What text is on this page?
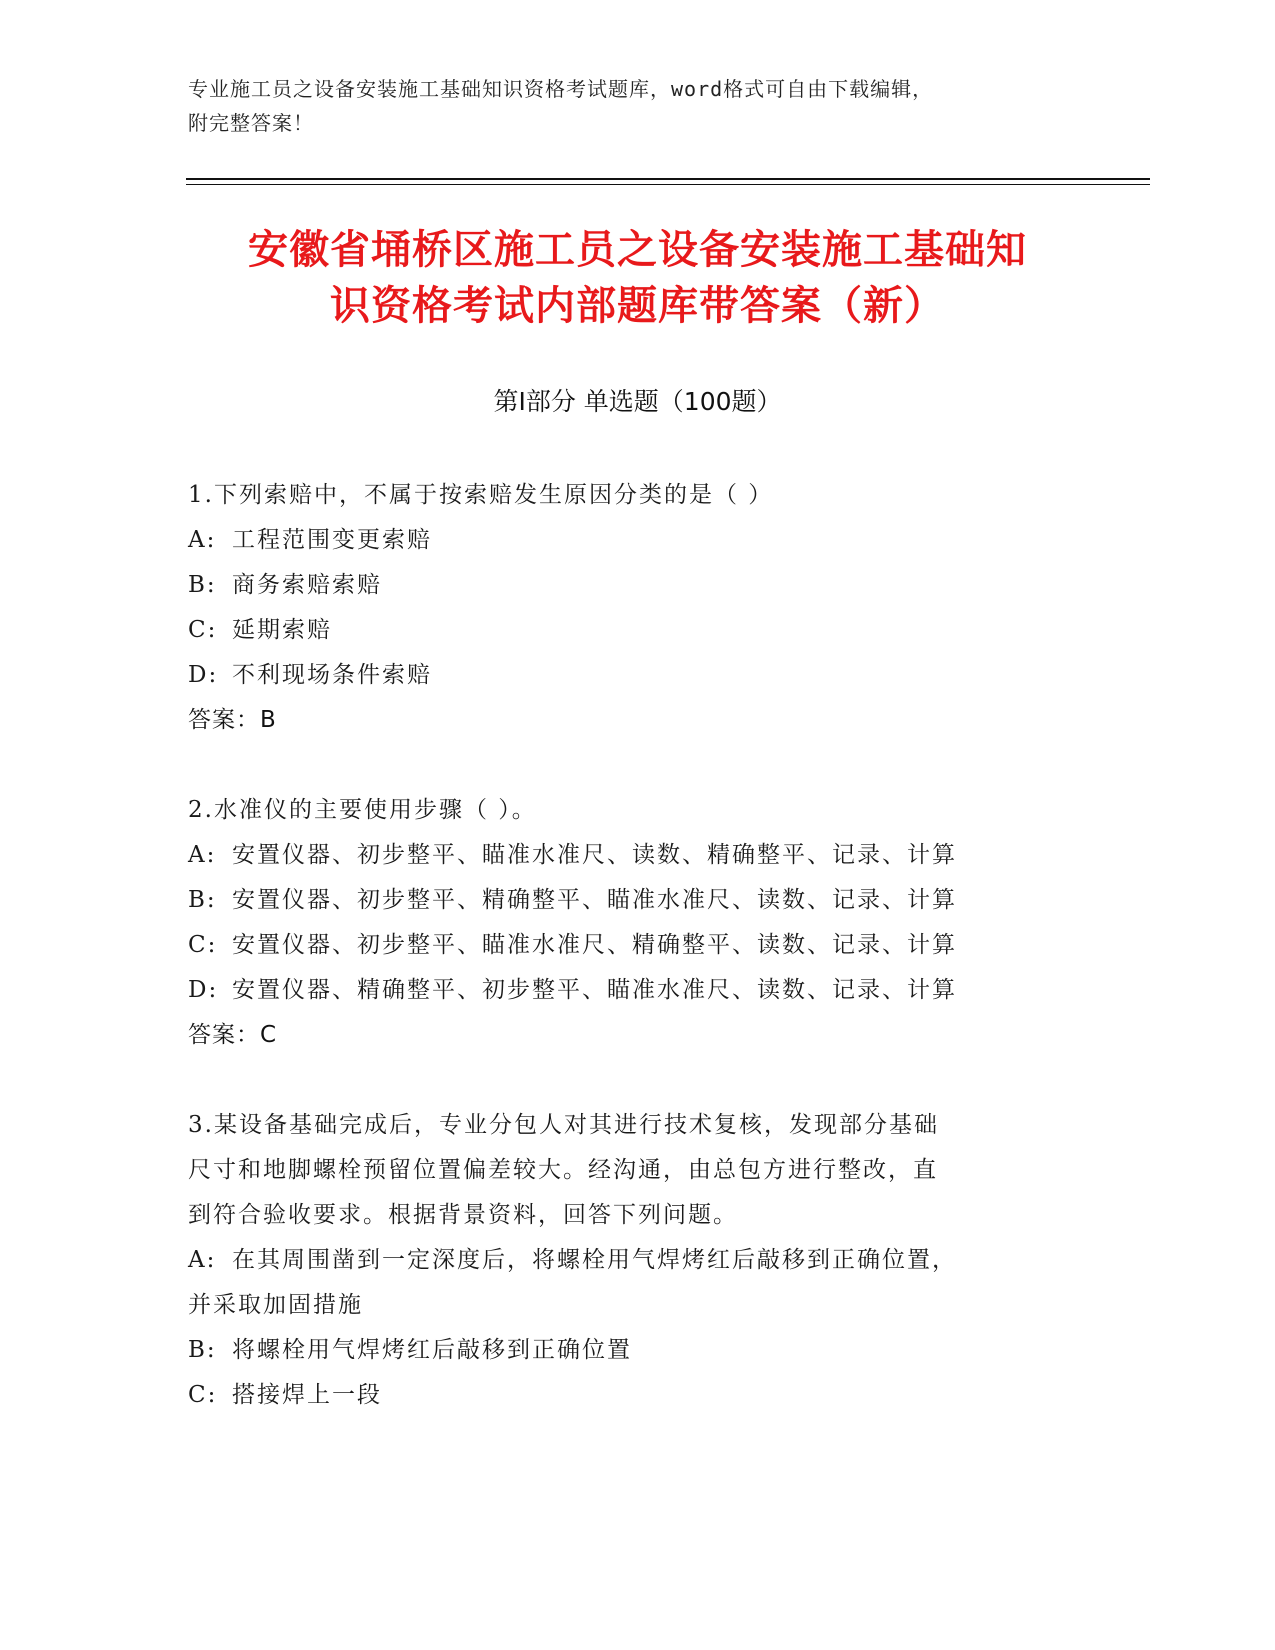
专业施工员之设备安装施工基础知识资格考试题库，word格式可自由下载编辑，
附完整答案！
安徽省埇桥区施工员之设备安装施工基础知
识资格考试内部题库带答案（新）
第Ⅰ部分 单选题（100题）
1.下列索赔中，不属于按索赔发生原因分类的是（ ）
A: 工程范围变更索赔
B: 商务索赔索赔
C: 延期索赔
D: 不利现场条件索赔
答案：B
2.水准仪的主要使用步骤（ ）。
A: 安置仪器、初步整平、瞄准水准尺、读数、精确整平、记录、计算
B: 安置仪器、初步整平、精确整平、瞄准水准尺、读数、记录、计算
C: 安置仪器、初步整平、瞄准水准尺、精确整平、读数、记录、计算
D: 安置仪器、精确整平、初步整平、瞄准水准尺、读数、记录、计算
答案：C
3.某设备基础完成后，专业分包人对其进行技术复核，发现部分基础
尺寸和地脚螺栓预留位置偏差较大。经沟通，由总包方进行整改，直
到符合验收要求。根据背景资料，回答下列问题。
A: 在其周围凿到一定深度后，将螺栓用气焊烤红后敲移到正确位置，
并采取加固措施
B: 将螺栓用气焊烤红后敲移到正确位置
C: 搭接焊上一段
